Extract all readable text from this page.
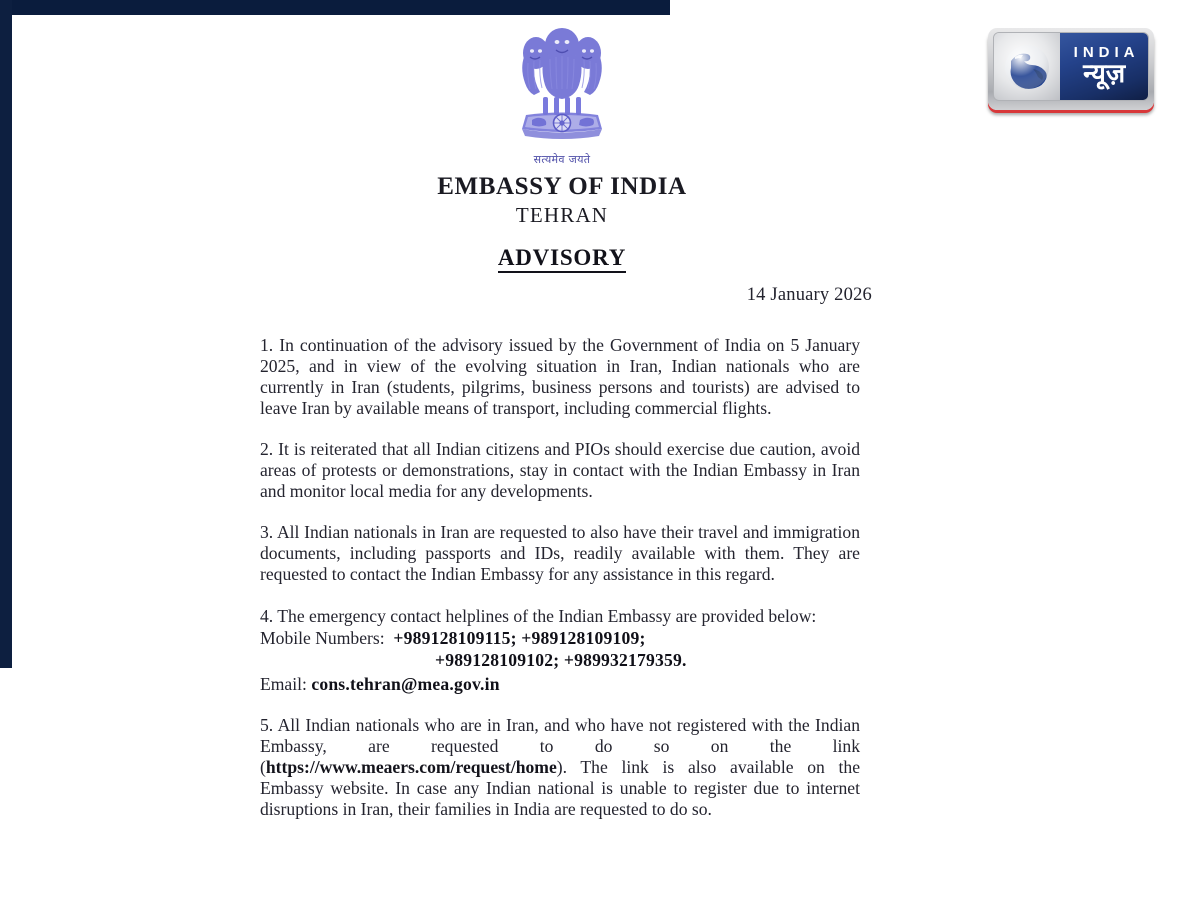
सत्यमेव जयते
EMBASSY OF INDIA
TEHRAN
ADVISORY
14 January 2026

1. In continuation of the advisory issued by the Government of India on 5 January 2025, and in view of the evolving situation in Iran, Indian nationals who are currently in Iran (students, pilgrims, business persons and tourists) are advised to leave Iran by available means of transport, including commercial flights.

2. It is reiterated that all Indian citizens and PIOs should exercise due caution, avoid areas of protests or demonstrations, stay in contact with the Indian Embassy in Iran and monitor local media for any developments.

3. All Indian nationals in Iran are requested to also have their travel and immigration documents, including passports and IDs, readily available with them. They are requested to contact the Indian Embassy for any assistance in this regard.

4. The emergency contact helplines of the Indian Embassy are provided below:

Mobile Numbers: +989128109115; +989128109109;

+989128109102; +989932179359.

Email: cons.tehran@mea.gov.in

5. All Indian nationals who are in Iran, and who have not registered with the Indian Embassy, are requested to do so on the link (https://www.meaers.com/request/home). The link is also available on the Embassy website. In case any Indian national is unable to register due to internet disruptions in Iran, their families in India are requested to do so.

INDIA
न्यूज़
